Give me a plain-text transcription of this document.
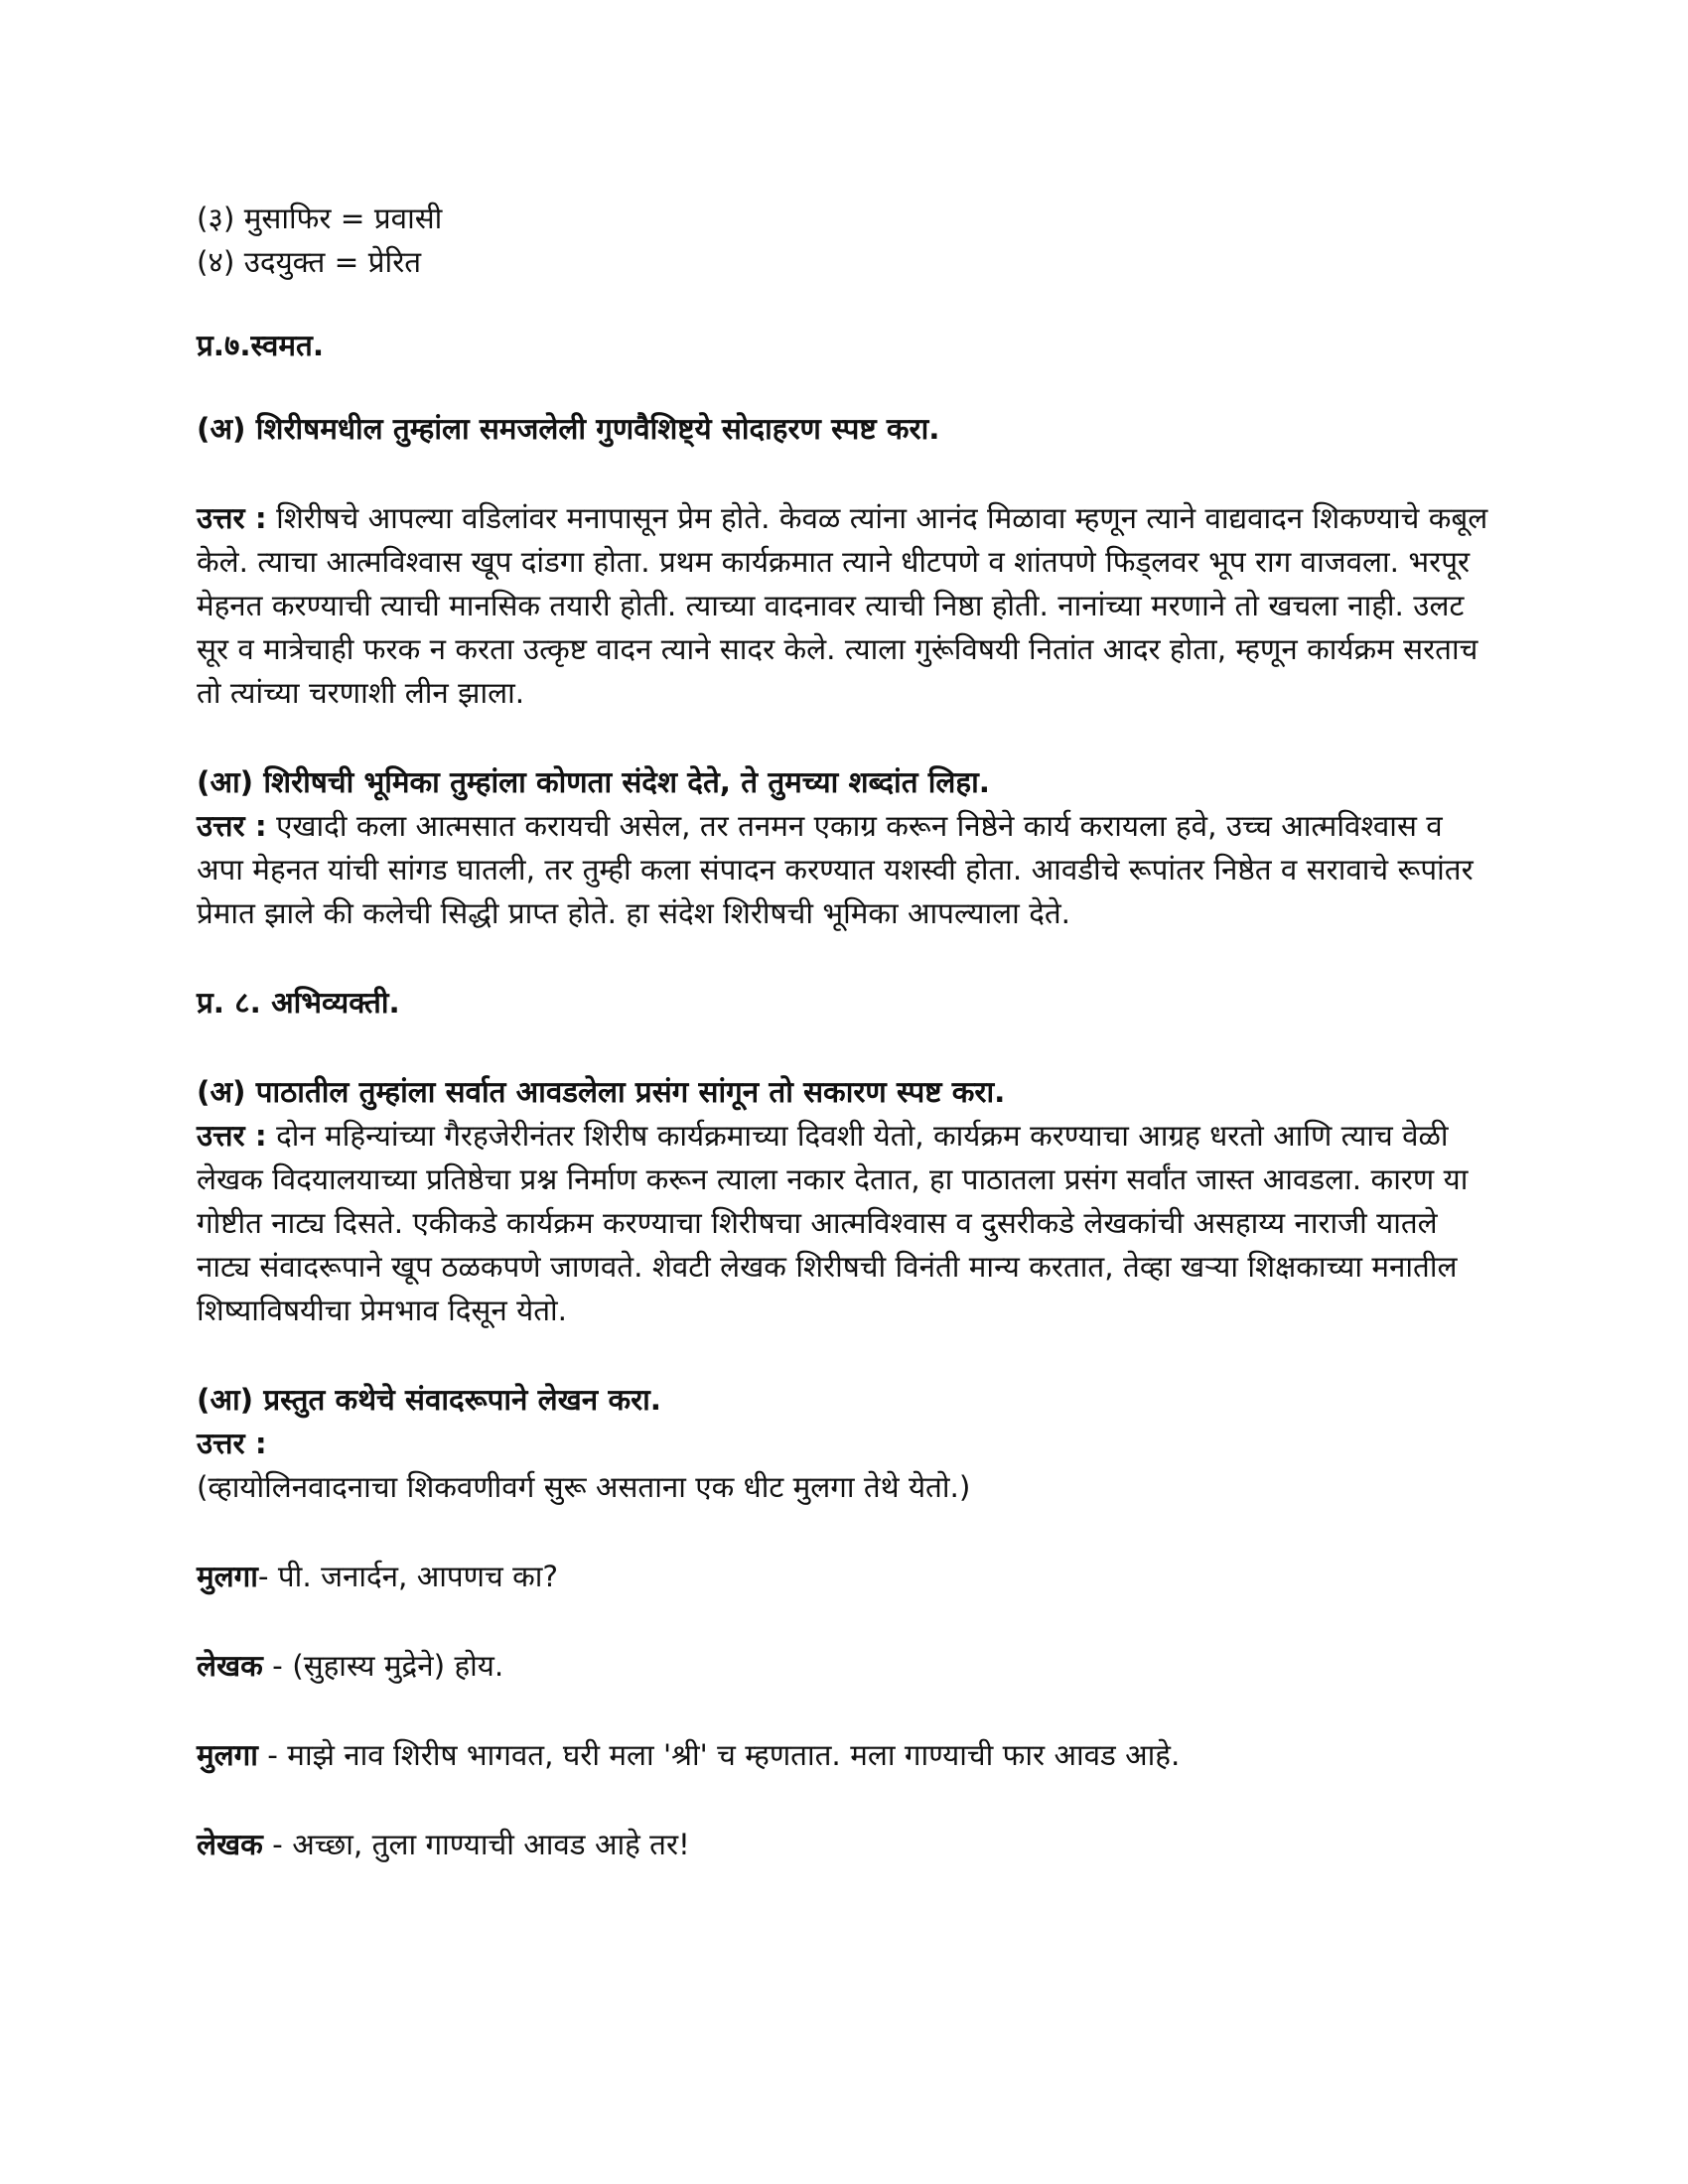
(३) मुसाफिर = प्रवासी

(४) उदयुक्त = प्रेरित

प्र.७.स्वमत.

(अ) शिरीषमधील तुम्हांला समजलेली गुणवैशिष्ट्ये सोदाहरण स्पष्ट करा.

उत्तर : शिरीषचे आपल्या वडिलांवर मनापासून प्रेम होते. केवळ त्यांना आनंद मिळावा म्हणून त्याने वाद्यवादन शिकण्याचे कबूल केले. त्याचा आत्मविश्वास खूप दांडगा होता. प्रथम कार्यक्रमात त्याने धीटपणे व शांतपणे फिड्लवर भूप राग वाजवला. भरपूर मेहनत करण्याची त्याची मानसिक तयारी होती. त्याच्या वादनावर त्याची निष्ठा होती. नानांच्या मरणाने तो खचला नाही. उलट सूर व मात्रेचाही फरक न करता उत्कृष्ट वादन त्याने सादर केले. त्याला गुरूंविषयी नितांत आदर होता, म्हणून कार्यक्रम सरताच तो त्यांच्या चरणाशी लीन झाला.

(आ) शिरीषची भूमिका तुम्हांला कोणता संदेश देते, ते तुमच्या शब्दांत लिहा.

उत्तर : एखादी कला आत्मसात करायची असेल, तर तनमन एकाग्र करून निष्ठेने कार्य करायला हवे, उच्च आत्मविश्वास व अपा मेहनत यांची सांगड घातली, तर तुम्ही कला संपादन करण्यात यशस्वी होता. आवडीचे रूपांतर निष्ठेत व सरावाचे रूपांतर प्रेमात झाले की कलेची सिद्धी प्राप्त होते. हा संदेश शिरीषची भूमिका आपल्याला देते.

प्र. ८. अभिव्यक्ती.

(अ) पाठातील तुम्हांला सर्वात आवडलेला प्रसंग सांगून तो सकारण स्पष्ट करा.

उत्तर : दोन महिन्यांच्या गैरहजेरीनंतर शिरीष कार्यक्रमाच्या दिवशी येतो, कार्यक्रम करण्याचा आग्रह धरतो आणि त्याच वेळी लेखक विदयालयाच्या प्रतिष्ठेचा प्रश्न निर्माण करून त्याला नकार देतात, हा पाठातला प्रसंग सर्वांत जास्त आवडला. कारण या गोष्टीत नाट्य दिसते. एकीकडे कार्यक्रम करण्याचा शिरीषचा आत्मविश्वास व दुसरीकडे लेखकांची असहाय्य नाराजी यातले नाट्य संवादरूपाने खूप ठळकपणे जाणवते. शेवटी लेखक शिरीषची विनंती मान्य करतात, तेव्हा खऱ्या शिक्षकाच्या मनातील शिष्याविषयीचा प्रेमभाव दिसून येतो.

(आ) प्रस्तुत कथेचे संवादरूपाने लेखन करा.

उत्तर :

(व्हायोलिनवादनाचा शिकवणीवर्ग सुरू असताना एक धीट मुलगा तेथे येतो.)

मुलगा- पी. जनार्दन, आपणच का?

लेखक - (सुहास्य मुद्रेने) होय.

मुलगा - माझे नाव शिरीष भागवत, घरी मला 'श्री' च म्हणतात. मला गाण्याची फार आवड आहे.

लेखक - अच्छा, तुला गाण्याची आवड आहे तर!
